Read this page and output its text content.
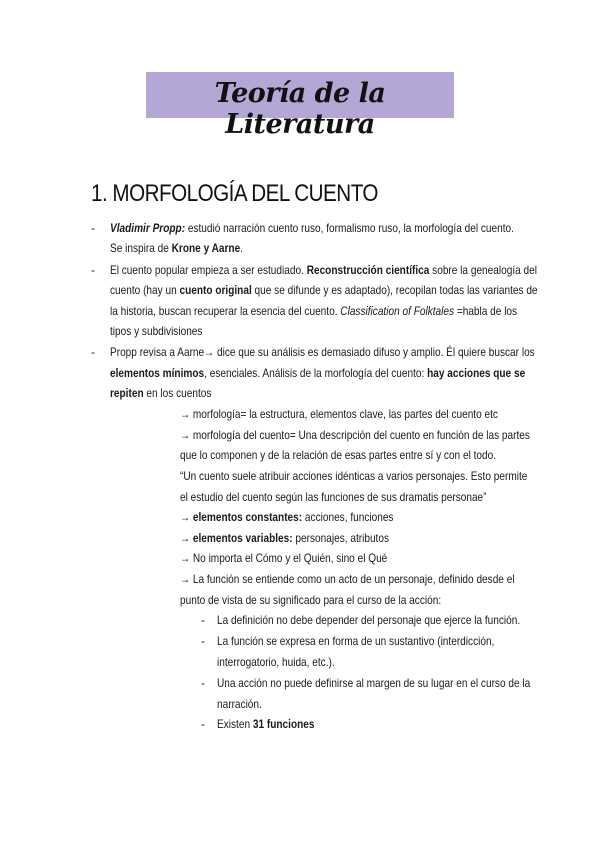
Teoría de la Literatura
1. MORFOLOGÍA DEL CUENTO
- Vladimir Propp: estudió narración cuento ruso, formalismo ruso, la morfología del cuento.
Se inspira de Krone y Aarne.
- El cuento popular empieza a ser estudiado. Reconstrucción científica sobre la genealogía del
cuento (hay un cuento original que se difunde y es adaptado), recopilan todas las variantes de
la historia, buscan recuperar la esencia del cuento. Classification of Folktales =habla de los
tipos y subdivisiones
- Propp revisa a Aarne→ dice que su análisis es demasiado difuso y amplio. Él quiere buscar los
elementos mínimos, esenciales. Análisis de la morfología del cuento: hay acciones que se
repiten en los cuentos
→ morfología= la estructura, elementos clave, las partes del cuento etc
→ morfología del cuento= Una descripción del cuento en función de las partes
que lo componen y de la relación de esas partes entre sí y con el todo.
“Un cuento suele atribuir acciones idénticas a varios personajes. Esto permite
el estudio del cuento según las funciones de sus dramatis personae”
→ elementos constantes: acciones, funciones
→ elementos variables: personajes, atributos
→ No importa el Cómo y el Quién, sino el Qué
→ La función se entiende como un acto de un personaje, definido desde el
punto de vista de su significado para el curso de la acción:
- La definición no debe depender del personaje que ejerce la función.
- La función se expresa en forma de un sustantivo (interdicción,
interrogatorio, huida, etc.).
- Una acción no puede definirse al margen de su lugar en el curso de la
narración.
- Existen 31 funciones
